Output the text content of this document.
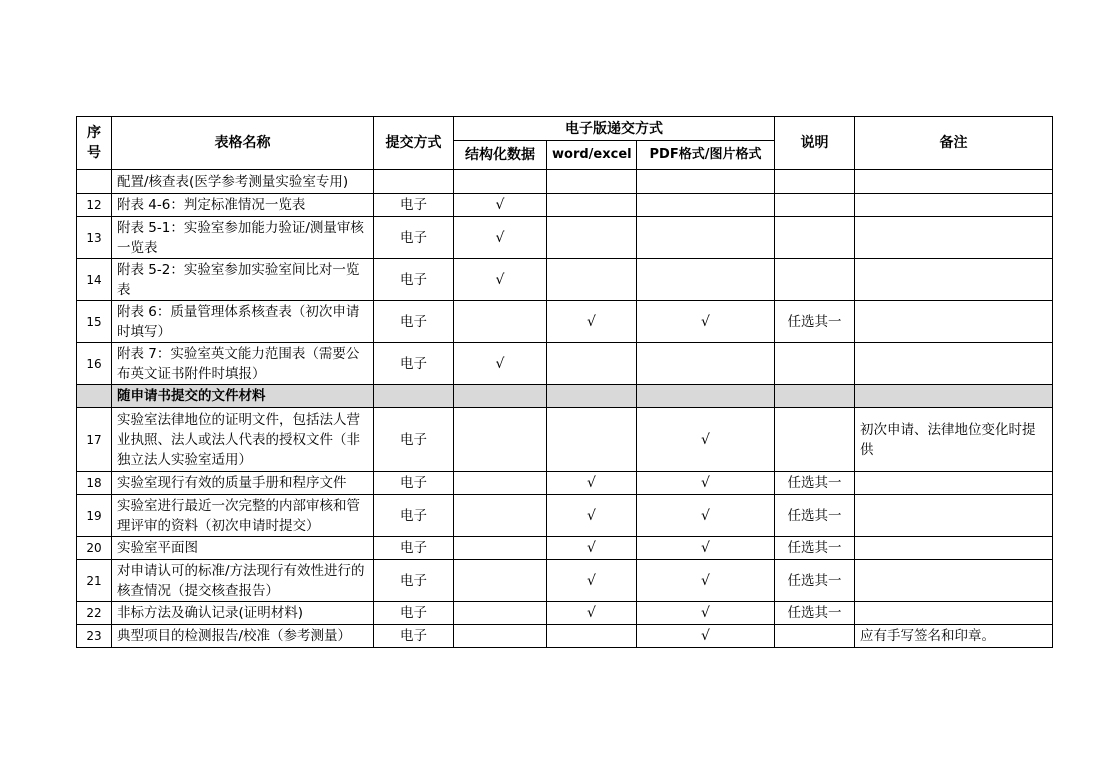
序号	表格名称	提交方式	电子版递交方式			说明	备注
			结构化数据	word/excel	PDF格式/图片格式		
	配置/核查表(医学参考测量实验室专用)						
12	附表 4-6：判定标准情况一览表	电子	√				
13	附表 5-1：实验室参加能力验证/测量审核一览表	电子	√				
14	附表 5-2：实验室参加实验室间比对一览表	电子	√				
15	附表 6：质量管理体系核查表（初次申请时填写）	电子		√	√	任选其一	
16	附表 7：实验室英文能力范围表（需要公布英文证书附件时填报）	电子	√				
	随申请书提交的文件材料						
17	实验室法律地位的证明文件，包括法人营业执照、法人或法人代表的授权文件（非独立法人实验室适用）	电子			√		初次申请、法律地位变化时提供
18	实验室现行有效的质量手册和程序文件	电子		√	√	任选其一	
19	实验室进行最近一次完整的内部审核和管理评审的资料（初次申请时提交）	电子		√	√	任选其一	
20	实验室平面图	电子		√	√	任选其一	
21	对申请认可的标准/方法现行有效性进行的核查情况（提交核查报告）	电子		√	√	任选其一	
22	非标方法及确认记录(证明材料)	电子		√	√	任选其一	
23	典型项目的检测报告/校准（参考测量）	电子			√		应有手写签名和印章。
